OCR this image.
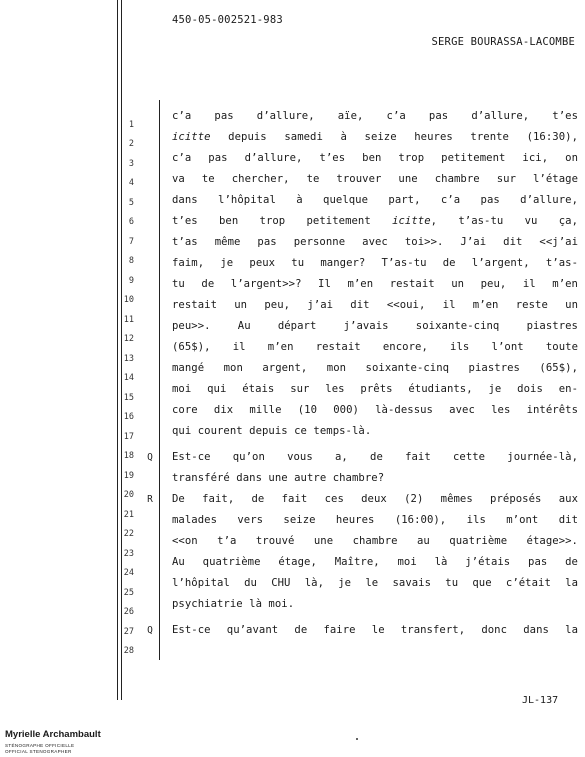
450-05-002521-983
SERGE BOURASSA-LACOMBE
1
2
3
4
5
6
7
8
9
10
11
12
13
14
15
16
17
18
19
20
21
22
23
24
25
26
27
28
c’a pas d’allure, aïe, c’a pas d’allure, t’es
icitte depuis samedi à seize heures trente (16:30),
c’a pas d’allure, t’es ben trop petitement ici, on
va te chercher, te trouver une chambre sur l’étage
dans l’hôpital à quelque part, c’a pas d’allure,
t’es ben trop petitement icitte, t’as-tu vu ça,
t’as même pas personne avec toi>>. J’ai dit <<j’ai
faim, je peux tu manger? T’as-tu de l’argent, t’as-
tu de l’argent>>? Il m’en restait un peu, il m’en
restait un peu, j’ai dit <<oui, il m’en reste un
peu>>. Au départ j’avais soixante-cinq piastres
(65$), il m’en restait encore, ils l’ont toute
mangé mon argent, mon soixante-cinq piastres (65$),
moi qui étais sur les prêts étudiants, je dois en-
core dix mille (10 000) là-dessus avec les intérêts
qui courent depuis ce temps-là.
Q	Est-ce qu’on vous a, de fait cette journée-là,
transféré dans une autre chambre?
R	De fait, de fait ces deux (2) mêmes préposés aux
malades vers seize heures (16:00), ils m’ont dit
<<on t’a trouvé une chambre au quatrième étage>>.
Au quatrième étage, Maître, moi là j’étais pas de
l’hôpital du CHU là, je le savais tu que c’était la
psychiatrie là moi.
Q	Est-ce qu’avant de faire le transfert, donc dans la
JL-137
Myrielle Archambault
STÉNOGRAPHE OFFICIELLE
OFFICIAL STENOGRAPHER
